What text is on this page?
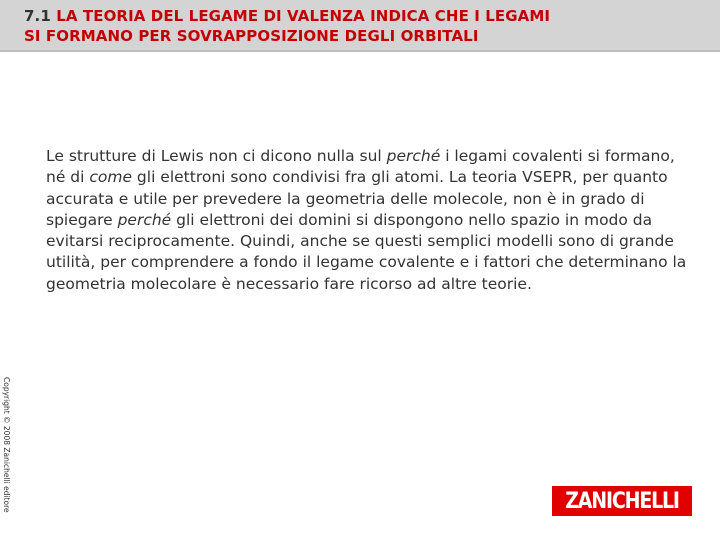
7.1 LA TEORIA DEL LEGAME DI VALENZA INDICA CHE I LEGAMI
SI FORMANO PER SOVRAPPOSIZIONE DEGLI ORBITALI
Le strutture di Lewis non ci dicono nulla sul perché i legami covalenti si formano, né di come gli elettroni sono condivisi fra gli atomi. La teoria VSEPR, per quanto accurata e utile per prevedere la geometria delle molecole, non è in grado di spiegare perché gli elettroni dei domini si dispongono nello spazio in modo da evitarsi reciprocamente. Quindi, anche se questi semplici modelli sono di grande utilità, per comprendere a fondo il legame covalente e i fattori che determinano la geometria molecolare è necessario fare ricorso ad altre teorie.
Copyright © 2008 Zanichelli editore	ZANICHELLI
